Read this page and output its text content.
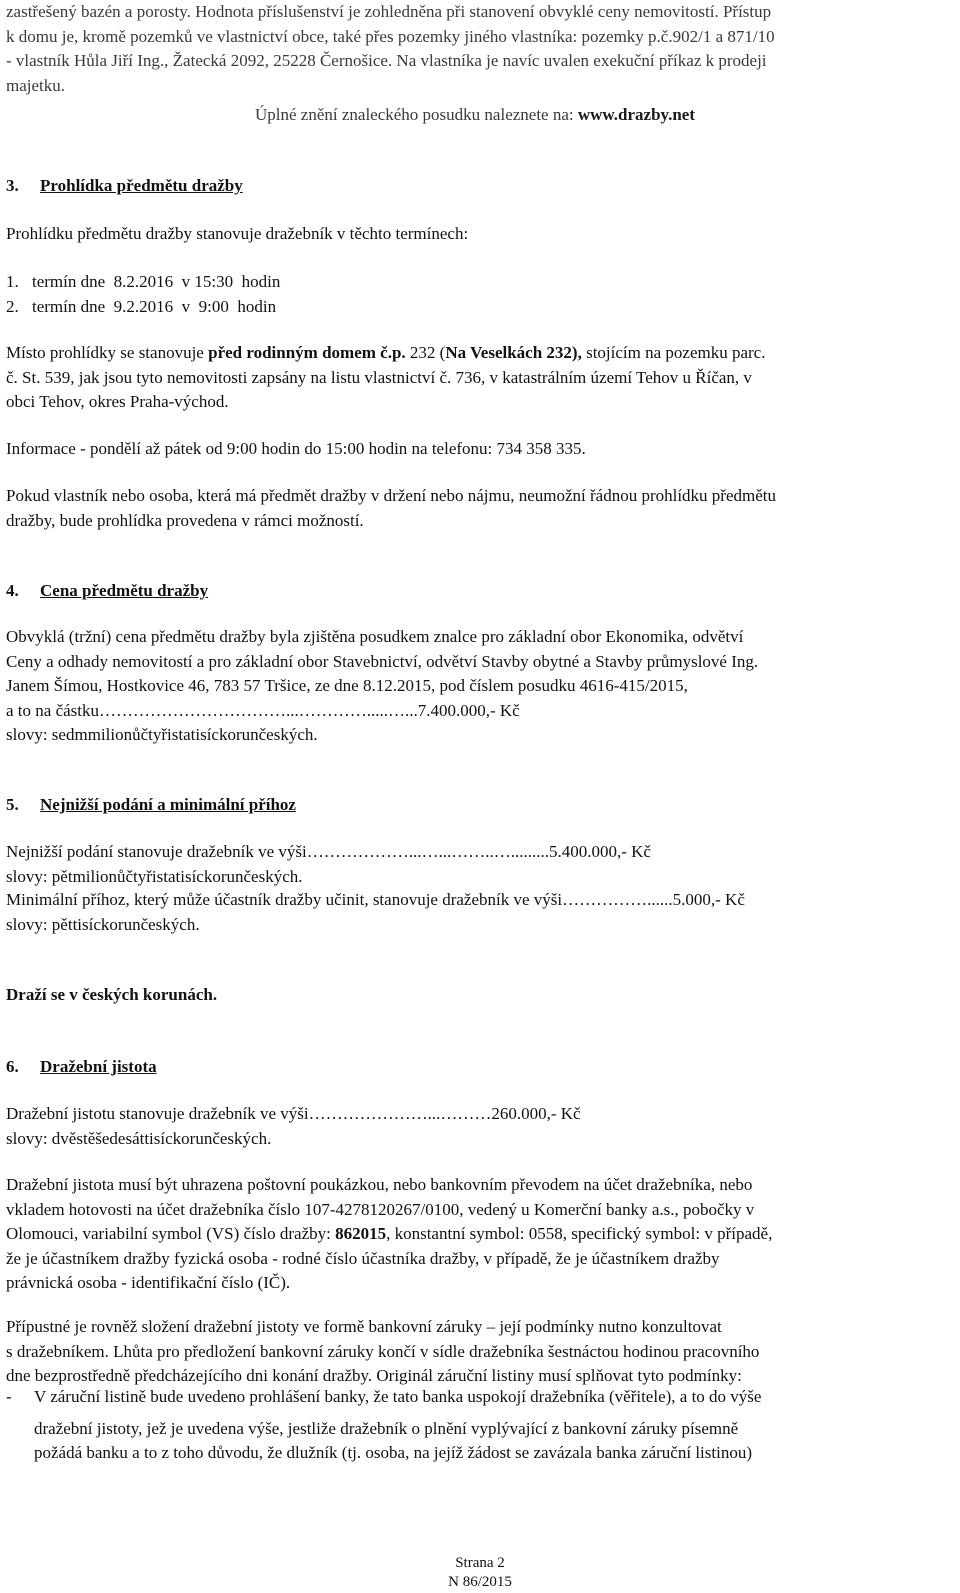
zastřešený bazén a porosty. Hodnota příslušenství je zohledněna při stanovení obvyklé ceny nemovitostí. Přístup
k domu je, kromě pozemků ve vlastnictví obce, také přes pozemky jiného vlastníka: pozemky p.č.902/1 a 871/10
- vlastník Hůla Jiří Ing., Žatecká 2092, 25228 Černošice. Na vlastníka je navíc uvalen exekuční příkaz k prodeji
majetku.
Úplné znění znaleckého posudku naleznete na: www.drazby.net
3. Prohlídka předmětu dražby
Prohlídku předmětu dražby stanovuje dražebník v těchto termínech:
1. termín dne  8.2.2016  v 15:30  hodin
2. termín dne  9.2.2016  v  9:00  hodin
Místo prohlídky se stanovuje před rodinným domem č.p. 232 (Na Veselkách 232), stojícím na pozemku parc.
č. St. 539, jak jsou tyto nemovitosti zapsány na listu vlastnictví č. 736, v katastrálním území Tehov u Říčan, v
obci Tehov, okres Praha-východ.
Informace - pondělí až pátek od 9:00 hodin do 15:00 hodin na telefonu: 734 358 335.
Pokud vlastník nebo osoba, která má předmět dražby v držení nebo nájmu, neumožní řádnou prohlídku předmětu
dražby, bude prohlídka provedena v rámci možností.
4. Cena předmětu dražby
Obvyklá (tržní) cena předmětu dražby byla zjištěna posudkem znalce pro základní obor Ekonomika, odvětví
Ceny a odhady nemovitostí a pro základní obor Stavebnictví, odvětví Stavby obytné a Stavby průmyslové Ing.
Janem Šímou, Hostkovice 46, 783 57 Tršice, ze dne 8.12.2015, pod číslem posudku 4616-415/2015,
a to na částku……………………………...………….....…...7.400.000,- Kč
slovy: sedmmilionůčtyřistatisíckorunčeských.
5. Nejnižší podání a minimální příhoz
Nejnižší podání stanovuje dražebník ve výši………………...…...……..….........5.400.000,- Kč
slovy: pětmilionůčtyřistatisíckorunčeských.
Minimální příhoz, který může účastník dražby učinit, stanovuje dražebník ve výši……………......5.000,- Kč
slovy: pěttisíckorunčeských.
Draží se v českých korunách.
6. Dražební jistota
Dražební jistotu stanovuje dražebník ve výši…………………...………260.000,- Kč
slovy: dvěstěšedesáttisíckorunčeských.
Dražební jistota musí být uhrazena poštovní poukázkou, nebo bankovním převodem na účet dražebníka, nebo
vkladem hotovosti na účet dražebníka číslo 107-4278120267/0100, vedený u Komerční banky a.s., pobočky v
Olomouci, variabilní symbol (VS) číslo dražby: 862015, konstantní symbol: 0558, specifický symbol: v případě,
že je účastníkem dražby fyzická osoba - rodné číslo účastníka dražby, v případě, že je účastníkem dražby
právnická osoba - identifikační číslo (IČ).
Přípustné je rovněž složení dražební jistoty ve formě bankovní záruky – její podmínky nutno konzultovat
s dražebníkem. Lhůta pro předložení bankovní záruky končí v sídle dražebníka šestnáctou hodinou pracovního
dne bezprostředně předcházejícího dni konání dražby. Originál záruční listiny musí splňovat tyto podmínky:
-	V záruční listině bude uvedeno prohlášení banky, že tato banka uspokojí dražebníka (věřitele), a to do výše
dražební jistoty, jež je uvedena výše, jestliže dražebník o plnění vyplývající z bankovní záruky písemně
požádá banku a to z toho důvodu, že dlužník (tj. osoba, na jejíž žádost se zavázala banka záruční listinou)
Strana 2
N 86/2015
